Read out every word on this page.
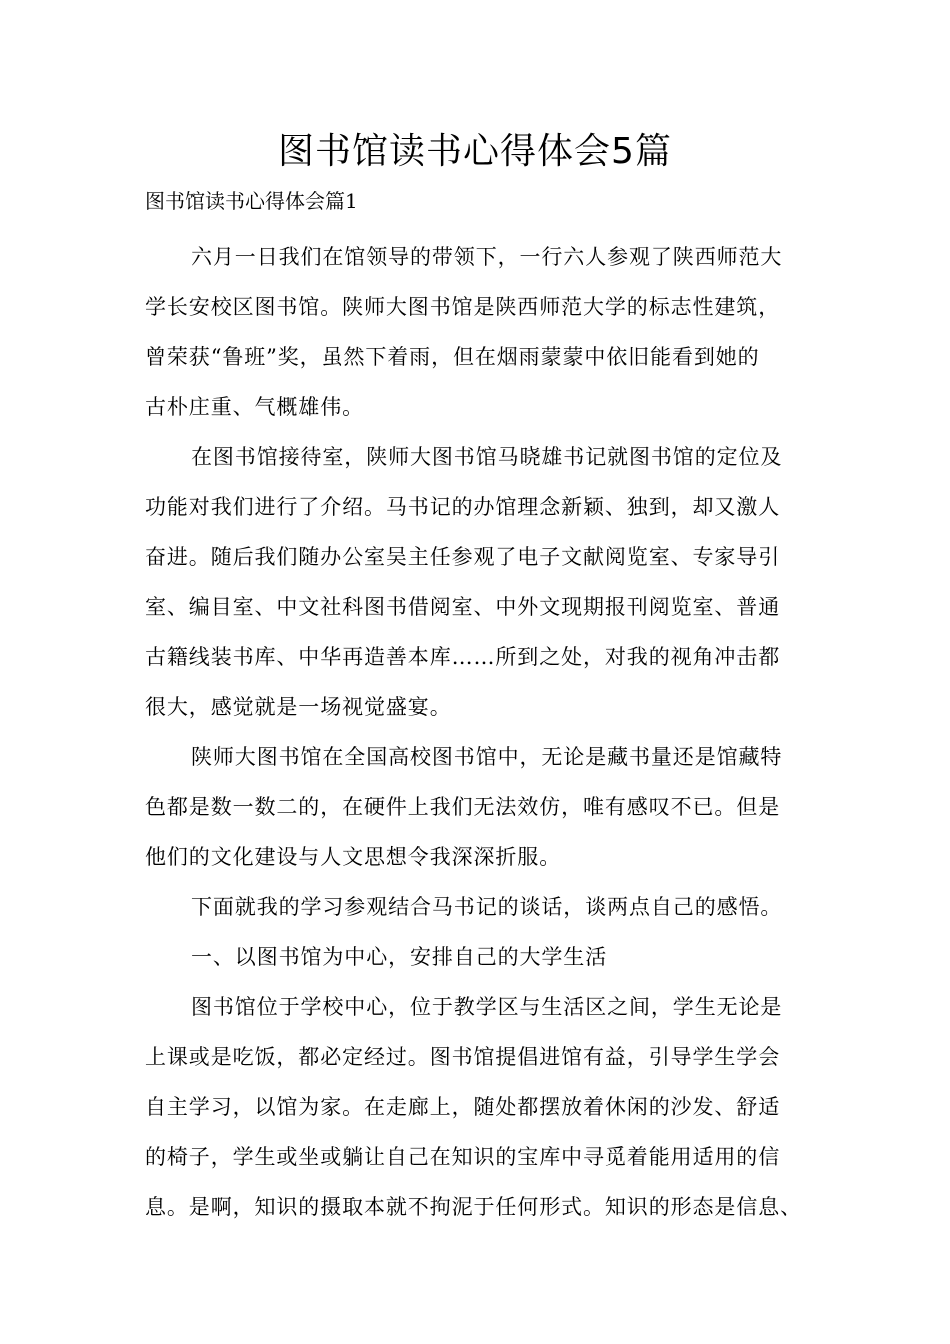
图书馆读书心得体会5篇
图书馆读书心得体会篇1
六月一日我们在馆领导的带领下，一行六人参观了陕西师范大
学长安校区图书馆。陕师大图书馆是陕西师范大学的标志性建筑，
曾荣获“鲁班”奖，虽然下着雨，但在烟雨蒙蒙中依旧能看到她的
古朴庄重、气概雄伟。
在图书馆接待室，陕师大图书馆马晓雄书记就图书馆的定位及
功能对我们进行了介绍。马书记的办馆理念新颖、独到，却又激人
奋进。随后我们随办公室吴主任参观了电子文献阅览室、专家导引
室、编目室、中文社科图书借阅室、中外文现期报刊阅览室、普通
古籍线装书库、中华再造善本库……所到之处，对我的视角冲击都
很大，感觉就是一场视觉盛宴。
陕师大图书馆在全国高校图书馆中，无论是藏书量还是馆藏特
色都是数一数二的，在硬件上我们无法效仿，唯有感叹不已。但是
他们的文化建设与人文思想令我深深折服。
下面就我的学习参观结合马书记的谈话，谈两点自己的感悟。
一、以图书馆为中心，安排自己的大学生活
图书馆位于学校中心，位于教学区与生活区之间，学生无论是
上课或是吃饭，都必定经过。图书馆提倡进馆有益，引导学生学会
自主学习，以馆为家。在走廊上，随处都摆放着休闲的沙发、舒适
的椅子，学生或坐或躺让自己在知识的宝库中寻觅着能用适用的信
息。是啊，知识的摄取本就不拘泥于任何形式。知识的形态是信息、
